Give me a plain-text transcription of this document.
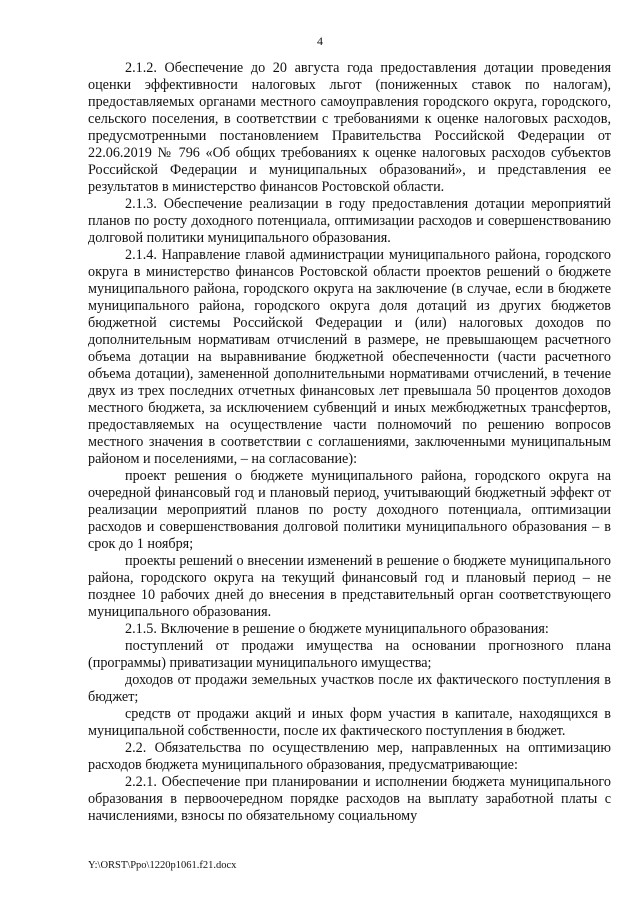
4

2.1.2. Обеспечение до 20 августа года предоставления дотации проведения оценки эффективности налоговых льгот (пониженных ставок по налогам), предоставляемых органами местного самоуправления городского округа, городского, сельского поселения, в соответствии с требованиями к оценке налоговых расходов, предусмотренными постановлением Правительства Российской Федерации от 22.06.2019 № 796 «Об общих требованиях к оценке налоговых расходов субъектов Российской Федерации и муниципальных образований», и представления ее результатов в министерство финансов Ростовской области.

2.1.3. Обеспечение реализации в году предоставления дотации мероприятий планов по росту доходного потенциала, оптимизации расходов и совершенствованию долговой политики муниципального образования.

2.1.4. Направление главой администрации муниципального района, городского округа в министерство финансов Ростовской области проектов решений о бюджете муниципального района, городского округа на заключение (в случае, если в бюджете муниципального района, городского округа доля дотаций из других бюджетов бюджетной системы Российской Федерации и (или) налоговых доходов по дополнительным нормативам отчислений в размере, не превышающем расчетного объема дотации на выравнивание бюджетной обеспеченности (части расчетного объема дотации), замененной дополнительными нормативами отчислений, в течение двух из трех последних отчетных финансовых лет превышала 50 процентов доходов местного бюджета, за исключением субвенций и иных межбюджетных трансфертов, предоставляемых на осуществление части полномочий по решению вопросов местного значения в соответствии с соглашениями, заключенными муниципальным районом и поселениями, – на согласование):

проект решения о бюджете муниципального района, городского округа на очередной финансовый год и плановый период, учитывающий бюджетный эффект от реализации мероприятий планов по росту доходного потенциала, оптимизации расходов и совершенствования долговой политики муниципального образования – в срок до 1 ноября;

проекты решений о внесении изменений в решение о бюджете муниципального района, городского округа на текущий финансовый год и плановый период – не позднее 10 рабочих дней до внесения в представительный орган соответствующего муниципального образования.

2.1.5. Включение в решение о бюджете муниципального образования:

поступлений от продажи имущества на основании прогнозного плана (программы) приватизации муниципального имущества;

доходов от продажи земельных участков после их фактического поступления в бюджет;

средств от продажи акций и иных форм участия в капитале, находящихся в муниципальной собственности, после их фактического поступления в бюджет.

2.2. Обязательства по осуществлению мер, направленных на оптимизацию расходов бюджета муниципального образования, предусматривающие:

2.2.1. Обеспечение при планировании и исполнении бюджета муниципального образования в первоочередном порядке расходов на выплату заработной платы с начислениями, взносы по обязательному социальному

Y:\ORST\Ppo\1220p1061.f21.docx
